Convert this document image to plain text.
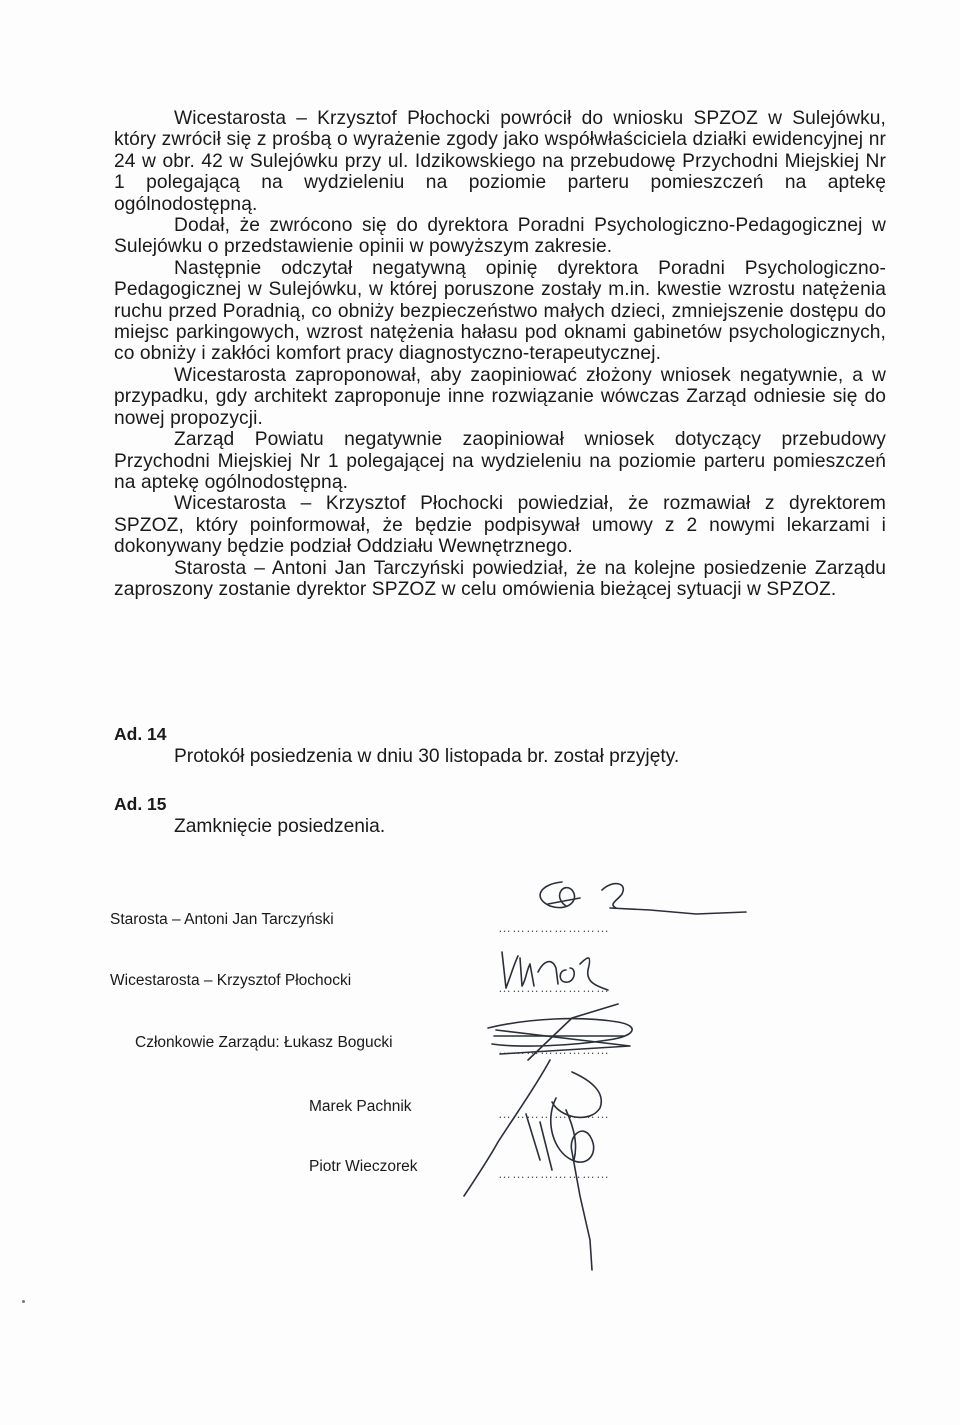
Wicestarosta – Krzysztof Płochocki powrócił do wniosku SPZOZ w Sulejówku, który zwrócił się z prośbą o wyrażenie zgody jako współwłaściciela działki ewidencyjnej nr 24 w obr. 42 w Sulejówku przy ul. Idzikowskiego na przebudowę Przychodni Miejskiej Nr 1 polegającą na wydzieleniu na poziomie parteru pomieszczeń na aptekę ogólnodostępną.

Dodał, że zwrócono się do dyrektora Poradni Psychologiczno-Pedagogicznej w Sulejówku o przedstawienie opinii w powyższym zakresie.

Następnie odczytał negatywną opinię dyrektora Poradni Psychologiczno-Pedagogicznej w Sulejówku, w której poruszone zostały m.in. kwestie wzrostu natężenia ruchu przed Poradnią, co obniży bezpieczeństwo małych dzieci, zmniejszenie dostępu do miejsc parkingowych, wzrost natężenia hałasu pod oknami gabinetów psychologicznych, co obniży i zakłóci komfort pracy diagnostyczno-terapeutycznej.

Wicestarosta zaproponował, aby zaopiniować złożony wniosek negatywnie, a w przypadku, gdy architekt zaproponuje inne rozwiązanie wówczas Zarząd odniesie się do nowej propozycji.

Zarząd Powiatu negatywnie zaopiniował wniosek dotyczący przebudowy Przychodni Miejskiej Nr 1 polegającej na wydzieleniu na poziomie parteru pomieszczeń na aptekę ogólnodostępną.

Wicestarosta – Krzysztof Płochocki powiedział, że rozmawiał z dyrektorem SPZOZ, który poinformował, że będzie podpisywał umowy z 2 nowymi lekarzami i dokonywany będzie podział Oddziału Wewnętrznego.

Starosta – Antoni Jan Tarczyński powiedział, że na kolejne posiedzenie Zarządu zaproszony zostanie dyrektor SPZOZ w celu omówienia bieżącej sytuacji w SPZOZ.

Ad. 14
Protokół posiedzenia w dniu 30 listopada br. został przyjęty.
Ad. 15
Zamknięcie posiedzenia.
Starosta – Antoni Jan Tarczyński
Wicestarosta – Krzysztof Płochocki
Członkowie Zarządu: Łukasz Bogucki
Marek Pachnik
Piotr Wieczorek
……………………
……………………
……………………
……………………
……………………
